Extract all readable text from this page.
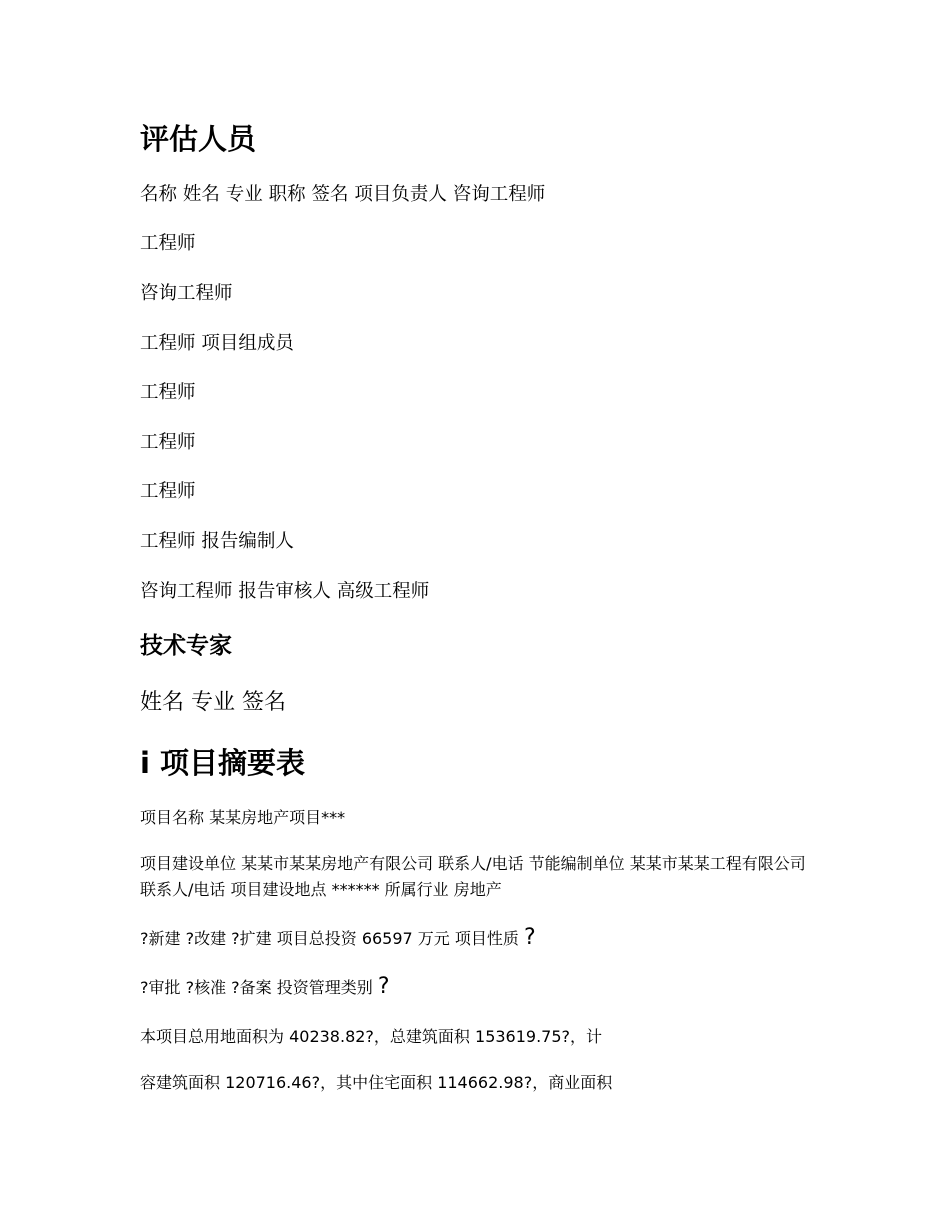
评估人员

名称 姓名 专业 职称 签名 项目负责人 咨询工程师

工程师

咨询工程师

工程师 项目组成员

工程师

工程师

工程师

工程师 报告编制人

咨询工程师 报告审核人 高级工程师

技术专家

姓名 专业 签名

i 项目摘要表

项目名称 某某房地产项目***

项目建设单位 某某市某某房地产有限公司 联系人/电话 节能编制单位 某某市某某工程有限公司 联系人/电话 项目建设地点 ****** 所属行业 房地产

?新建 ?改建 ?扩建 项目总投资 66597 万元 项目性质 ?

?审批 ?核准 ?备案 投资管理类别 ?

本项目总用地面积为 40238.82?，总建筑面积 153619.75?，计

容建筑面积 120716.46?，其中住宅面积 114662.98?，商业面积
